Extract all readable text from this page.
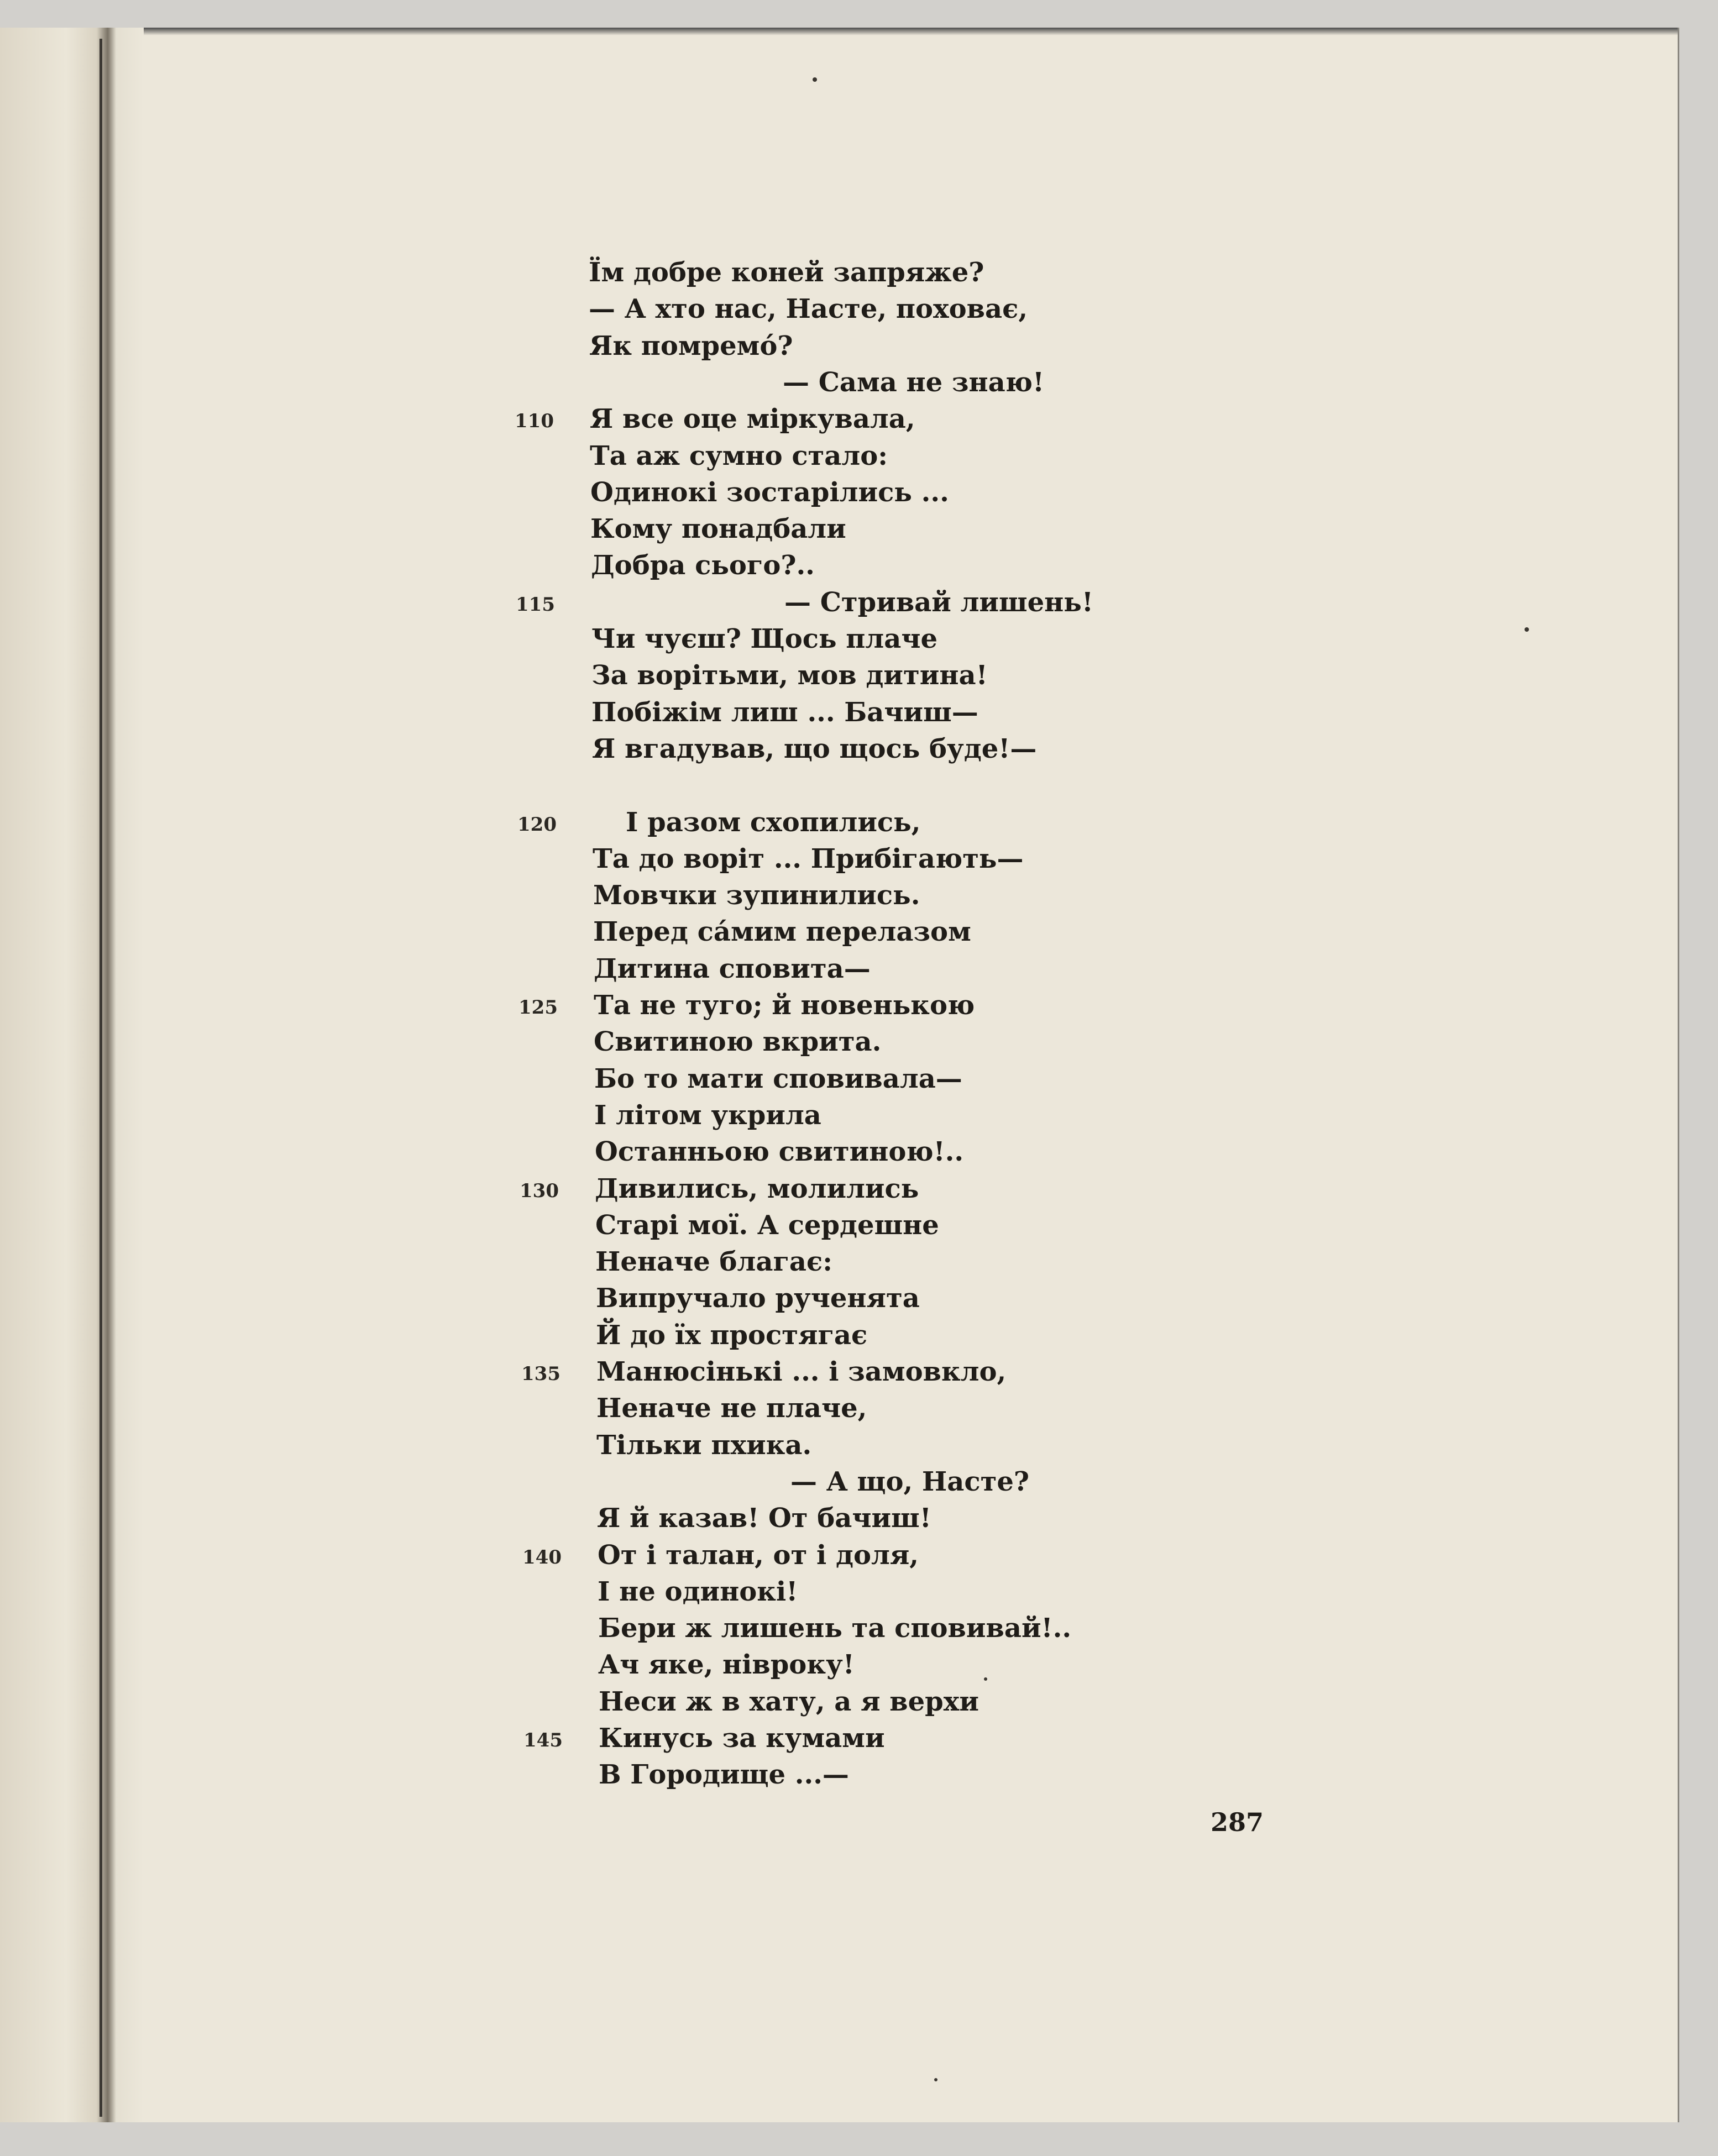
Їм добре коней запряже?
— А хто нас, Насте, поховає,
Як помремо́?
— Сама не знаю!
110 Я все оце міркувала,
Та аж сумно стало:
Одинокі зостарілись ...
Кому понадбали
Добра сього?..
115	— Стривай лишень!
Чи чуєш? Щось плаче
За ворітьми, мов дитина!
Побіжім лиш ... Бачиш—
Я вгадував, що щось буде!—
120	I разом схопились,
Та до воріт ... Прибігають—
Мовчки зупинились.
Перед са́мим перелазом
Дитина сповита—
125 Та не туго; й новенькою
Свитиною вкрита.
Бо то мати сповивала—
I літом укрила
Останньою свитиною!..
130 Дивились, молились
Старі мої. А сердешне
Неначе благає:
Випручало рученята
Й до їх простягає
135 Манюсінькі ... і замовкло,
Неначе не плаче,
Тільки пхика.
— А що, Насте?
Я й казав! От бачиш!
140 От і талан, от і доля,
I не одинокі!
Бери ж лишень та сповивай!..
Ач яке, нівроку!
Неси ж в хату, а я верхи
145 Кинусь за кумами
В Городище ...—
287
